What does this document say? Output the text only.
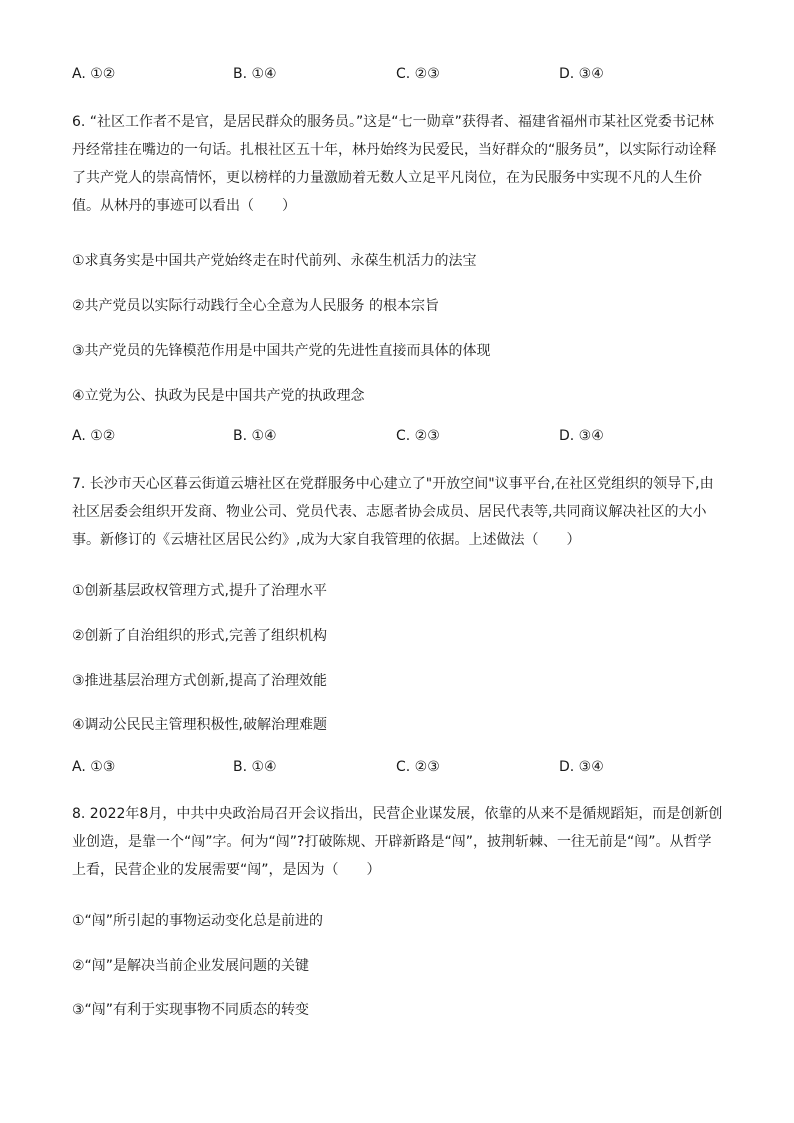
A. ①②	B. ①④	C. ②③	D. ③④

6. “社区工作者不是官，是居民群众的服务员。”这是“七一勋章”获得者、福建省福州市某社区党委书记林丹经常挂在嘴边的一句话。扎根社区五十年，林丹始终为民爱民，当好群众的“服务员”，以实际行动诠释了共产党人的崇高情怀，更以榜样的力量激励着无数人立足平凡岗位，在为民服务中实现不凡的人生价值。从林丹的事迹可以看出（　　）

①求真务实是中国共产党始终走在时代前列、永葆生机活力的法宝

②共产党员以实际行动践行全心全意为人民服务 的根本宗旨

③共产党员的先锋模范作用是中国共产党的先进性直接而具体的体现

④立党为公、执政为民是中国共产党的执政理念

A. ①②	B. ①④	C. ②③	D. ③④

7. 长沙市天心区暮云街道云塘社区在党群服务中心建立了"开放空间"议事平台,在社区党组织的领导下,由社区居委会组织开发商、物业公司、党员代表、志愿者协会成员、居民代表等,共同商议解决社区的大小事。新修订的《云塘社区居民公约》,成为大家自我管理的依据。上述做法（　　）

①创新基层政权管理方式,提升了治理水平

②创新了自治组织的形式,完善了组织机构

③推进基层治理方式创新,提高了治理效能

④调动公民民主管理积极性,破解治理难题

A. ①③	B. ①④	C. ②③	D. ③④

8. 2022年8月，中共中央政治局召开会议指出，民营企业谋发展，依靠的从来不是循规蹈矩，而是创新创业创造，是靠一个“闯”字。何为“闯”?打破陈规、开辟新路是“闯”，披荆斩棘、一往无前是“闯”。从哲学上看，民营企业的发展需要“闯”，是因为（　　）

①“闯”所引起的事物运动变化总是前进的

②“闯”是解决当前企业发展问题的关键

③“闯”有利于实现事物不同质态的转变
